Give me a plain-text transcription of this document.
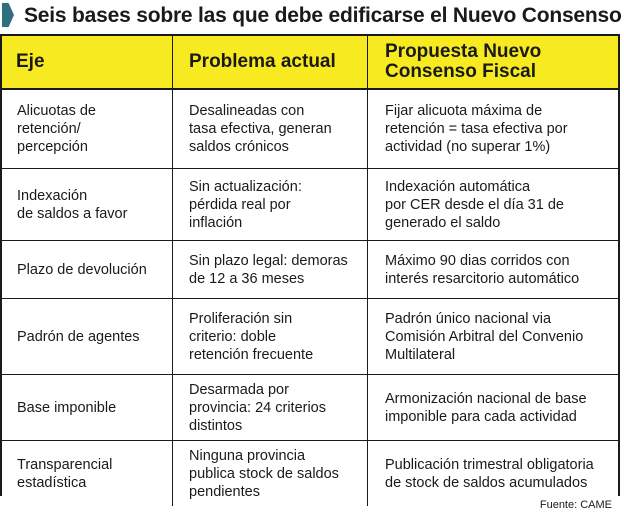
Seis bases sobre las que debe edificarse el Nuevo Consenso
Eje	Problema actual	Propuesta Nuevo
Consenso Fiscal
Alicuotas de
retención/
percepción
Desalineadas con
tasa efectiva, generan
saldos crónicos
Fijar alicuota máxima de
retención = tasa efectiva por
actividad (no superar 1%)
Indexación
de saldos a favor
Sin actualización:
pérdida real por
inflación
Indexación automática
por CER desde el día 31 de
generado el saldo
Plazo de devolución
Sin plazo legal: demoras
de 12 a 36 meses
Máximo 90 dias corridos con
interés resarcitorio automático
Padrón de agentes
Proliferación sin
criterio: doble
retención frecuente
Padrón único nacional via
Comisión Arbitral del Convenio
Multilateral
Base imponible
Desarmada por
provincia: 24 criterios
distintos
Armonización nacional de base
imponible para cada actividad
Transparencial
estadística
Ninguna provincia
publica stock de saldos
pendientes
Publicación trimestral obligatoria
de stock de saldos acumulados
Fuente: CAME
